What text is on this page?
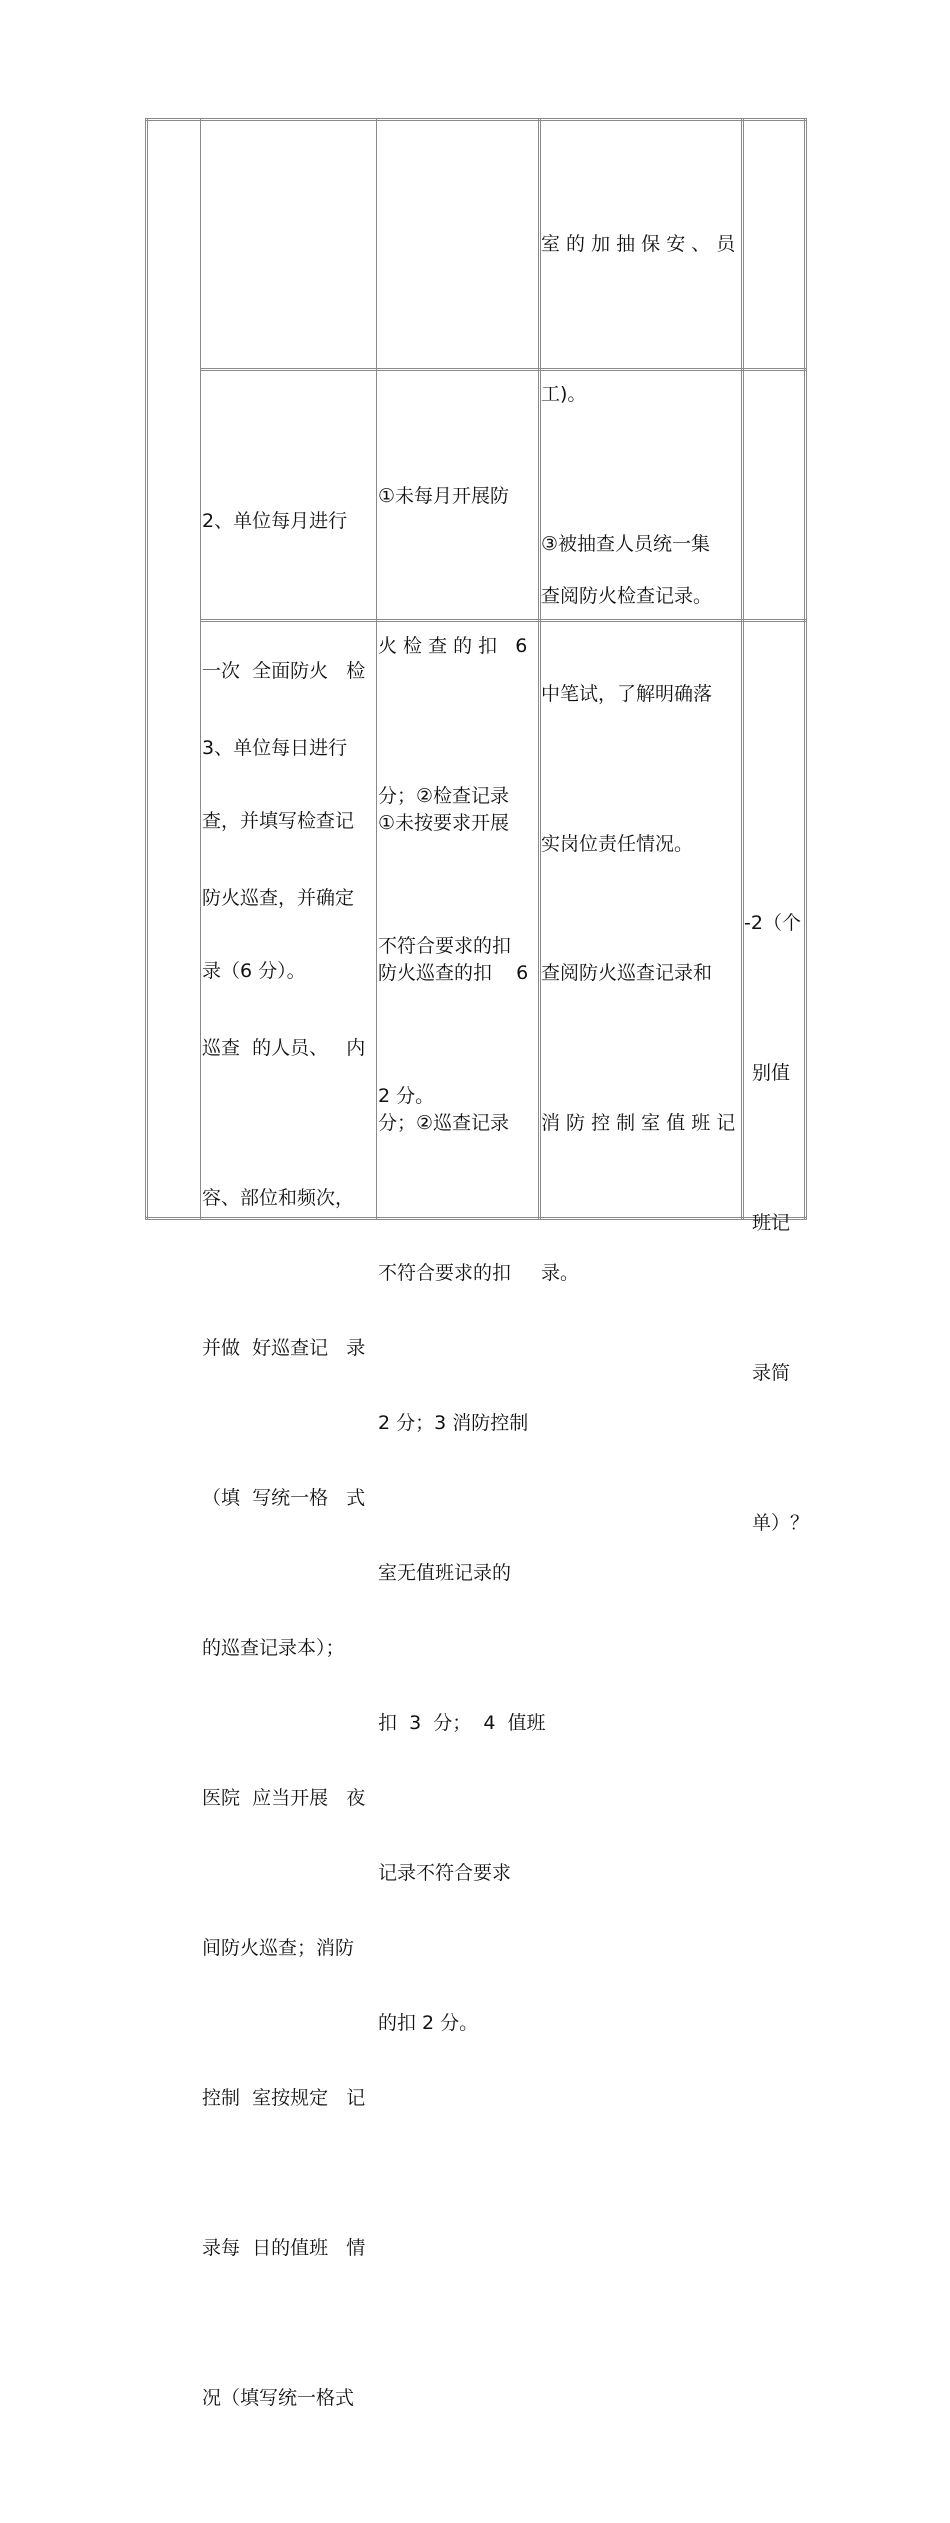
室 的 加 抽 保 安 、 员

工)。

③被抽查人员统一集

中笔试，了解明确落

实岗位责任情况。

2、单位每月进行

一次  全面防火   检

查，并填写检查记

录（6 分）。

①未每月开展防

火 检 查 的 扣   6

分；②检查记录

不符合要求的扣

2 分。

查阅防火检查记录。

3、单位每日进行

防火巡查，并确定

巡查  的人员、   内

容、部位和频次，

并做  好巡查记   录

（填  写统一格   式

的巡查记录本）；

医院  应当开展   夜

间防火巡查；消防

控制  室按规定   记

录每  日的值班   情

况（填写统一格式

①未按要求开展

防火巡查的扣    6

分；②巡查记录

不符合要求的扣

2 分；3 消防控制

室无值班记录的

扣  3  分；  4  值班

记录不符合要求

的扣 2 分。

查阅防火巡查记录和

消 防 控 制 室 值 班 记

录。

-2（个

别值

班记

录简

单）？
